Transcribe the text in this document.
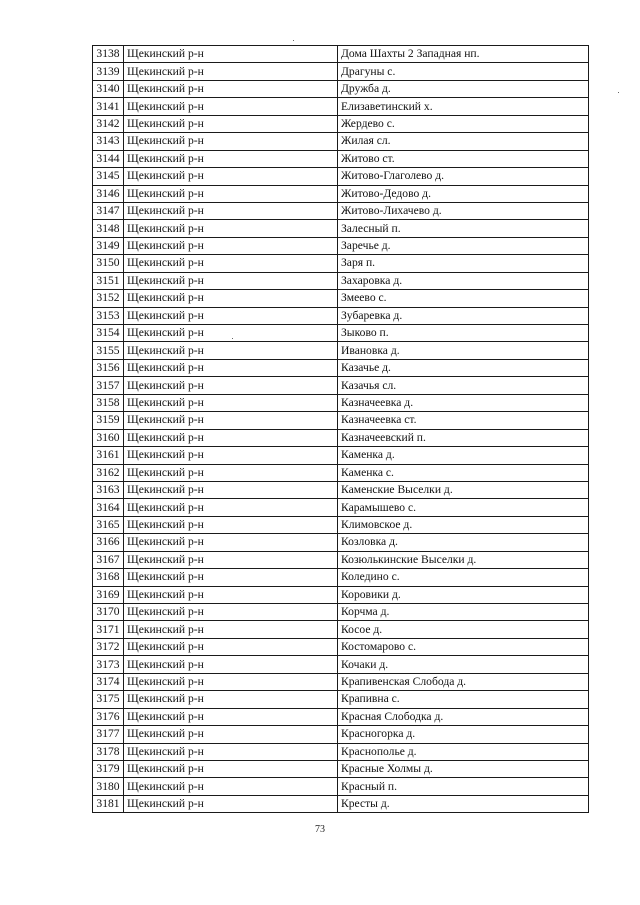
3138	Щекинский р-н	Дома Шахты 2 Западная нп.
3139	Щекинский р-н	Драгуны с.
3140	Щекинский р-н	Дружба д.
3141	Щекинский р-н	Елизаветинский х.
3142	Щекинский р-н	Жердево с.
3143	Щекинский р-н	Жилая сл.
3144	Щекинский р-н	Житово ст.
3145	Щекинский р-н	Житово-Глаголево д.
3146	Щекинский р-н	Житово-Дедово д.
3147	Щекинский р-н	Житово-Лихачево д.
3148	Щекинский р-н	Залесный п.
3149	Щекинский р-н	Заречье д.
3150	Щекинский р-н	Заря п.
3151	Щекинский р-н	Захаровка д.
3152	Щекинский р-н	Змеево с.
3153	Щекинский р-н	Зубаревка д.
3154	Щекинский р-н	Зыково п.
3155	Щекинский р-н	Ивановка д.
3156	Щекинский р-н	Казачье д.
3157	Щекинский р-н	Казачья сл.
3158	Щекинский р-н	Казначеевка д.
3159	Щекинский р-н	Казначеевка ст.
3160	Щекинский р-н	Казначеевский п.
3161	Щекинский р-н	Каменка д.
3162	Щекинский р-н	Каменка с.
3163	Щекинский р-н	Каменские Выселки д.
3164	Щекинский р-н	Карамышево с.
3165	Щекинский р-н	Климовское д.
3166	Щекинский р-н	Козловка д.
3167	Щекинский р-н	Козюлькинские Выселки д.
3168	Щекинский р-н	Коледино с.
3169	Щекинский р-н	Коровики д.
3170	Щекинский р-н	Корчма д.
3171	Щекинский р-н	Косое д.
3172	Щекинский р-н	Костомарово с.
3173	Щекинский р-н	Кочаки д.
3174	Щекинский р-н	Крапивенская Слобода д.
3175	Щекинский р-н	Крапивна с.
3176	Щекинский р-н	Красная Слободка д.
3177	Щекинский р-н	Красногорка д.
3178	Щекинский р-н	Краснополье д.
3179	Щекинский р-н	Красные Холмы д.
3180	Щекинский р-н	Красный п.
3181	Щекинский р-н	Кресты д.
73
